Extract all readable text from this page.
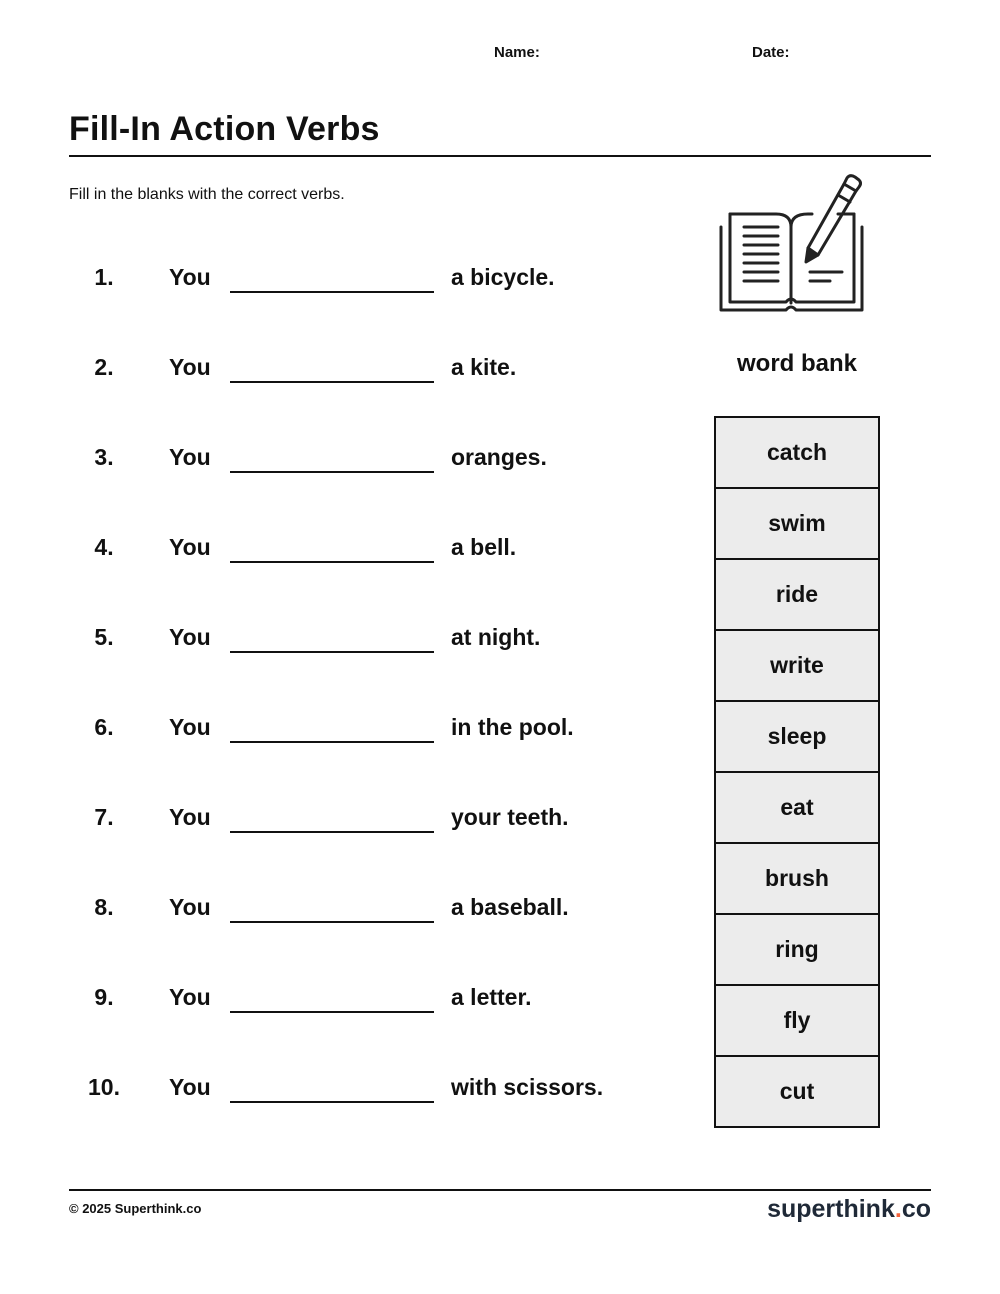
Name:	Date:
Fill-In Action Verbs
Fill in the blanks with the correct verbs.
1.	You	a bicycle.
2.	You	a kite.
3.	You	oranges.
4.	You	a bell.
5.	You	at night.
6.	You	in the pool.
7.	You	your teeth.
8.	You	a baseball.
9.	You	a letter.
10. You	with scissors.
word bank
catch
swim
ride
write
sleep
eat
brush
ring
fly
cut
© 2025 Superthink.co	superthink.co
